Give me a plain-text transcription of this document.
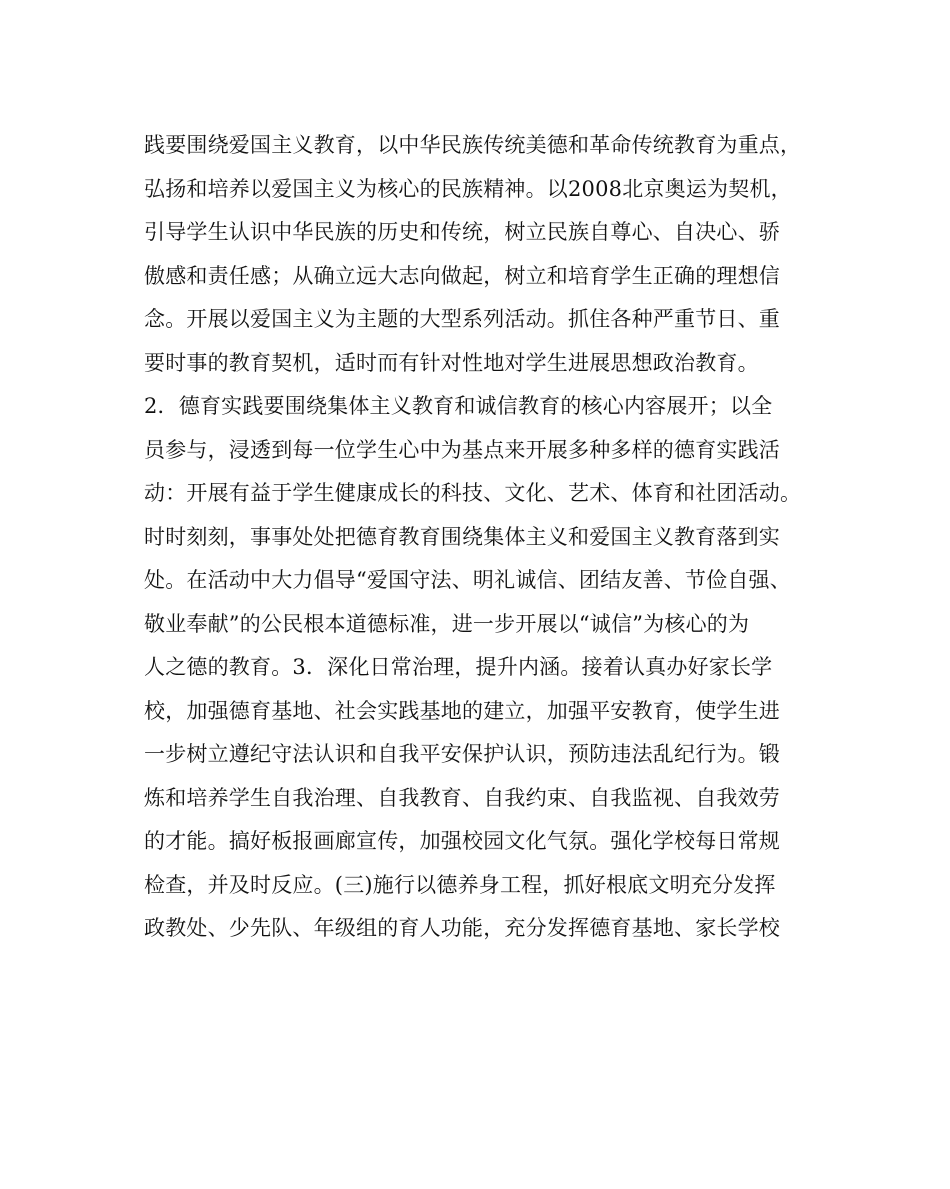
践要围绕爱国主义教育，以中华民族传统美德和革命传统教育为重点，
弘扬和培养以爱国主义为核心的民族精神。以2008北京奥运为契机，
引导学生认识中华民族的历史和传统，树立民族自尊心、自决心、骄
傲感和责任感；从确立远大志向做起，树立和培育学生正确的理想信
念。开展以爱国主义为主题的大型系列活动。抓住各种严重节日、重
要时事的教育契机，适时而有针对性地对学生进展思想政治教育。
2．德育实践要围绕集体主义教育和诚信教育的核心内容展开；以全
员参与，浸透到每一位学生心中为基点来开展多种多样的德育实践活
动：开展有益于学生健康成长的科技、文化、艺术、体育和社团活动。
时时刻刻，事事处处把德育教育围绕集体主义和爱国主义教育落到实
处。在活动中大力倡导“爱国守法、明礼诚信、团结友善、节俭自强、
敬业奉献”的公民根本道德标准，进一步开展以“诚信”为核心的为
人之德的教育。3．深化日常治理，提升内涵。接着认真办好家长学
校，加强德育基地、社会实践基地的建立，加强平安教育，使学生进
一步树立遵纪守法认识和自我平安保护认识，预防违法乱纪行为。锻
炼和培养学生自我治理、自我教育、自我约束、自我监视、自我效劳
的才能。搞好板报画廊宣传，加强校园文化气氛。强化学校每日常规
检查，并及时反应。(三)施行以德养身工程，抓好根底文明充分发挥
政教处、少先队、年级组的育人功能，充分发挥德育基地、家长学校
